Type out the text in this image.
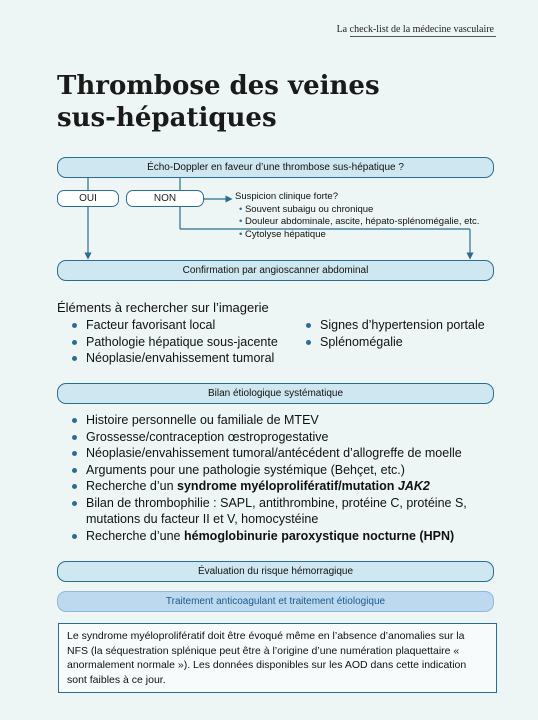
La check-list de la médecine vasculaire
Thrombose des veines
sus-hépatiques
Écho-Doppler en faveur d’une thrombose sus-hépatique ?
OUI	NON	Suspicion clinique forte?
• Souvent subaigu ou chronique
• Douleur abdominale, ascite, hépato-splénomégalie, etc.
• Cytolyse hépatique
Confirmation par angioscanner abdominal
Éléments à rechercher sur l’imagerie
Facteur favorisant local
Pathologie hépatique sous-jacente
Néoplasie/envahissement tumoral
Signes d’hypertension portale
Splénomégalie
Bilan étiologique systématique
Histoire personnelle ou familiale de MTEV
Grossesse/contraception œstroprogestative
Néoplasie/envahissement tumoral/antécédent d’allogreffe de moelle
Arguments pour une pathologie systémique (Behçet, etc.)
Recherche d’un syndrome myéloprolifératif/mutation JAK2
Bilan de thrombophilie : SAPL, antithrombine, protéine C, protéine S, mutations du facteur II et V, homocystéine
Recherche d’une hémoglobinurie paroxystique nocturne (HPN)
Évaluation du risque hémorragique
Traitement anticoagulant et traitement étiologique
Le syndrome myéloprolifératif doit être évoqué même en l’absence d’anomalies sur la NFS (la séquestration splénique peut être à l’origine d’une numération plaquettaire « anormalement normale »). Les données disponibles sur les AOD dans cette indication sont faibles à ce jour.
